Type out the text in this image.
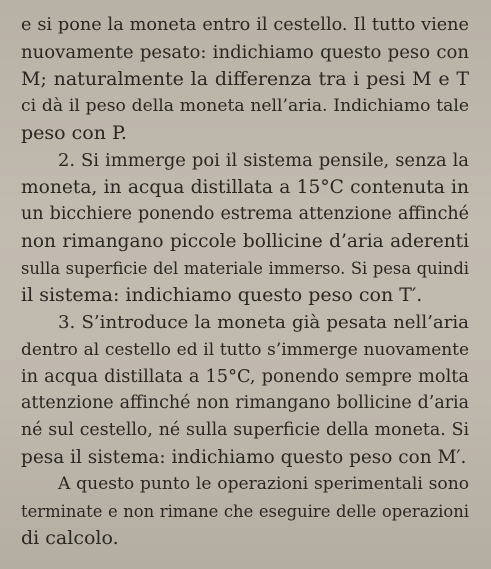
e si pone la moneta entro il cestello. Il tutto viene

nuovamente pesato: indichiamo questo peso con

M; naturalmente la differenza tra i pesi M e T

ci dà il peso della moneta nell’aria. Indichiamo tale

peso con P.

2. Si immerge poi il sistema pensile, senza la

moneta, in acqua distillata a 15°C contenuta in

un bicchiere ponendo estrema attenzione affinché

non rimangano piccole bollicine d’aria aderenti

sulla superficie del materiale immerso. Si pesa quindi

il sistema: indichiamo questo peso con T′.

3. S’introduce la moneta già pesata nell’aria

dentro al cestello ed il tutto s’immerge nuovamente

in acqua distillata a 15°C, ponendo sempre molta

attenzione affinché non rimangano bollicine d’aria

né sul cestello, né sulla superficie della moneta. Si

pesa il sistema: indichiamo questo peso con M′.

A questo punto le operazioni sperimentali sono

terminate e non rimane che eseguire delle operazioni

di calcolo.
